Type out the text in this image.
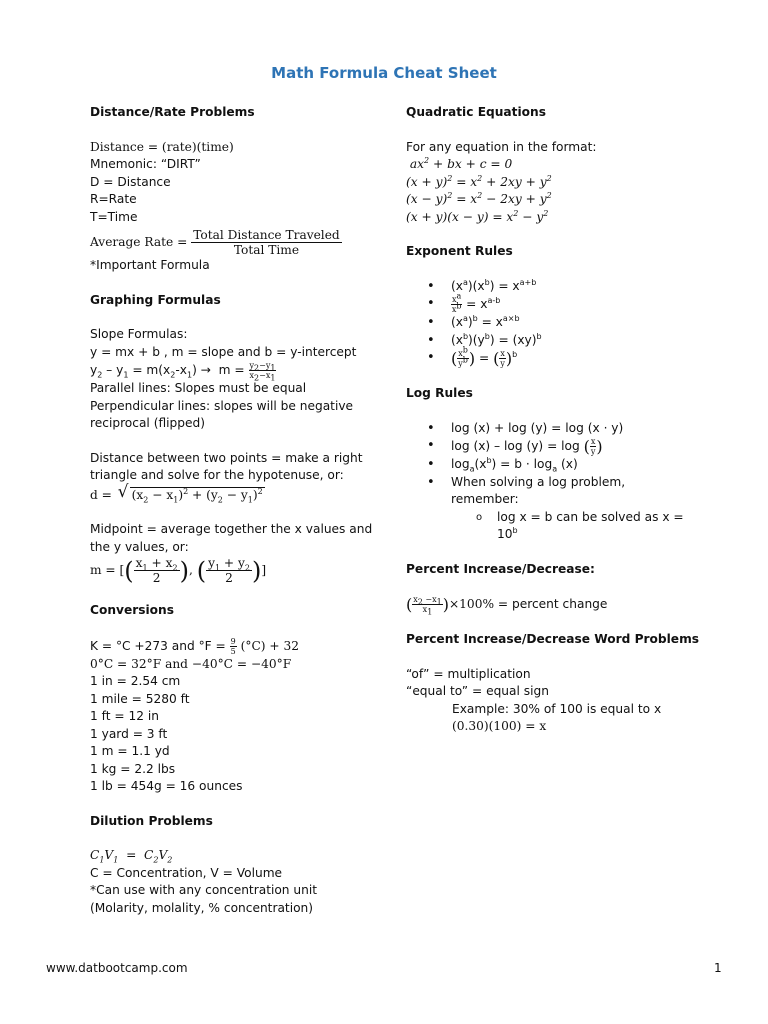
Math Formula Cheat Sheet
Distance/Rate Problems
Distance = (rate)(time)
Mnemonic: “DIRT”
D = Distance
R=Rate
T=Time
Average Rate = $\frac{\text{Total Distance Traveled}}{\text{Total Time}}$
*Important Formula
Graphing Formulas
Slope Formulas:
y = mx + b , m = slope and b = y-intercept
$y_2 - y_1 = m(x_2-x_1) \to m = \frac{y_2-y_1}{x_2-x_1}$
Parallel lines: Slopes must be equal
Perpendicular lines: slopes will be negative
reciprocal (flipped)
Distance between two points = make a right
triangle and solve for the hypotenuse, or:
d =  √ $(x_2 - x_1)^2 + (y_2 - y_1)^2$
Midpoint = average together the x values and
the y values, or:
m = [( $\frac{x_1 + x_2}{2}$ ), ( $\frac{y_1 + y_2}{2}$ )]
Conversions
K = °C +273 and $^\circ F = \frac{9}{5} (^\circ C) + 32$
0°C = 32°F and −40°C = −40°F
1 in = 2.54 cm
1 mile = 5280 ft
1 ft = 12 in
1 yard = 3 ft
1 m = 1.1 yd
1 kg = 2.2 lbs
1 lb = 454g = 16 ounces
Dilution Problems
$C_1V_1 = C_2V_2$
C = Concentration, V = Volume
*Can use with any concentration unit
(Molarity, molality, % concentration)
Quadratic Equations
For any equation in the format:
$ax^2$ + bx + c = 0
$(x + y)^2 = x^2 + 2xy + y^2$
$(x - y)^2 = x^2 - 2xy + y^2$
$(x + y)(x - y) = x^2 - y^2$
Exponent Rules
• $(x^a)(x^b) = x^{a+b}$
• $\frac{x^a}{x^b} = x^{a-b}$
• $(x^a)^b = x^{a\times b}$
• $(x^b)(y^b) = (xy)^b$
• ( $\frac{x^b}{y^b}$ ) = ( $\frac{x}{y} )^b$
Log Rules
• log (x) + log (y) = log (x · y)
• log (x) – log (y) = log ( $\frac{x}{y}$ )
• $\log_a(x^b) = b \cdot \log_a (x)$
• When solving a log problem,
remember:
o log x = b can be solved as x =
$10^b$
Percent Increase/Decrease:
( $\frac{x_2 -x_1}{x_1} )\times 100\%$ = percent change
Percent Increase/Decrease Word Problems
“of” = multiplication
“equal to” = equal sign
Example: 30% of 100 is equal to x
(0.30)(100) = x
www.datbootcamp.com	1
